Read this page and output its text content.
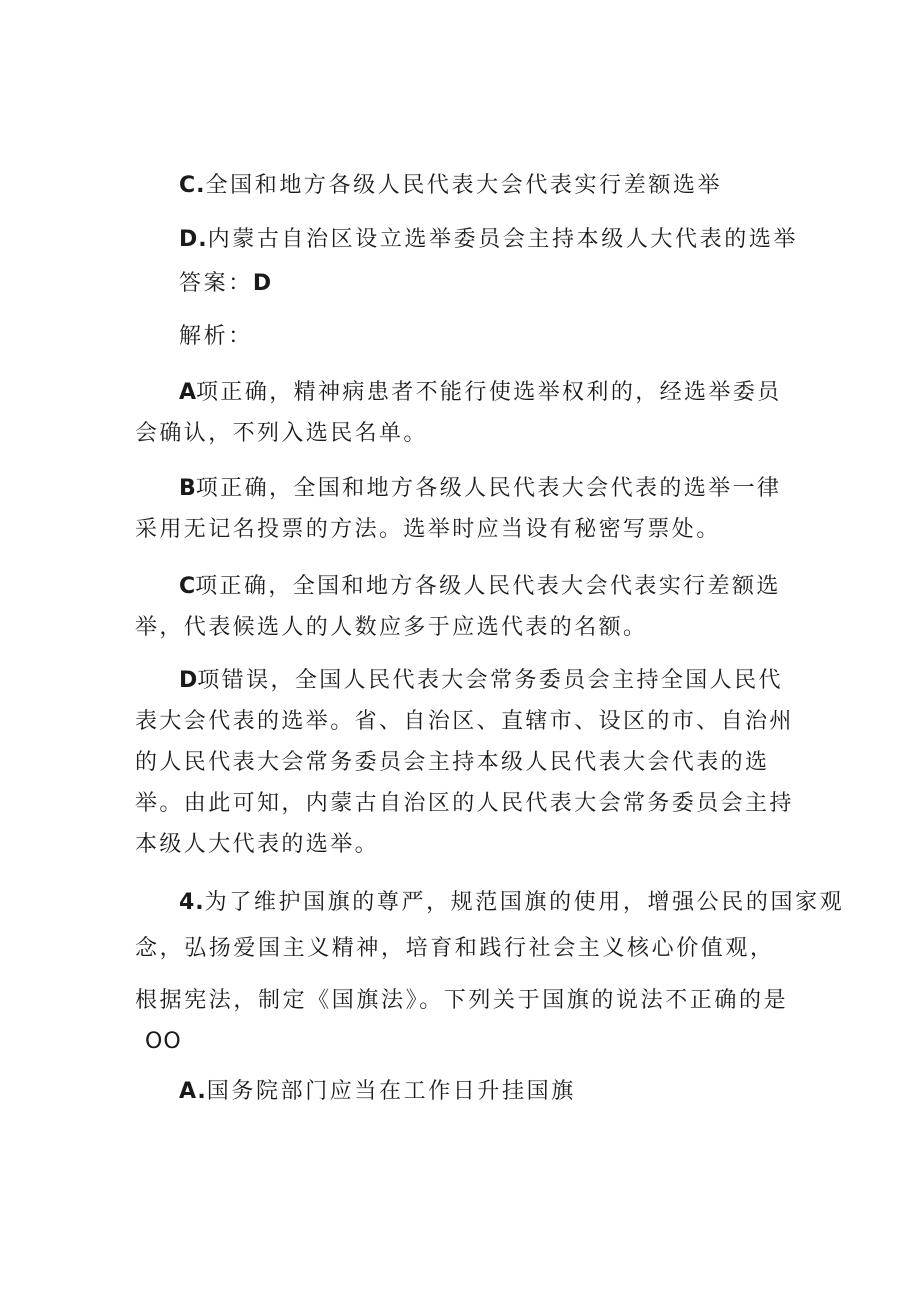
C.全国和地方各级人民代表大会代表实行差额选举
D.内蒙古自治区设立选举委员会主持本级人大代表的选举
答案：D
解析：
A项正确，精神病患者不能行使选举权利的，经选举委员会确认，不列入选民名单。
B项正确，全国和地方各级人民代表大会代表的选举一律采用无记名投票的方法。选举时应当设有秘密写票处。
C项正确，全国和地方各级人民代表大会代表实行差额选举，代表候选人的人数应多于应选代表的名额。
D项错误，全国人民代表大会常务委员会主持全国人民代表大会代表的选举。省、自治区、直辖市、设区的市、自治州的人民代表大会常务委员会主持本级人民代表大会代表的选举。由此可知，内蒙古自治区的人民代表大会常务委员会主持本级人大代表的选举。
4.为了维护国旗的尊严，规范国旗的使用，增强公民的国家观
念，弘扬爱国主义精神，培育和践行社会主义核心价值观，
根据宪法，制定《国旗法》。下列关于国旗的说法不正确的是
OO
A.国务院部门应当在工作日升挂国旗
